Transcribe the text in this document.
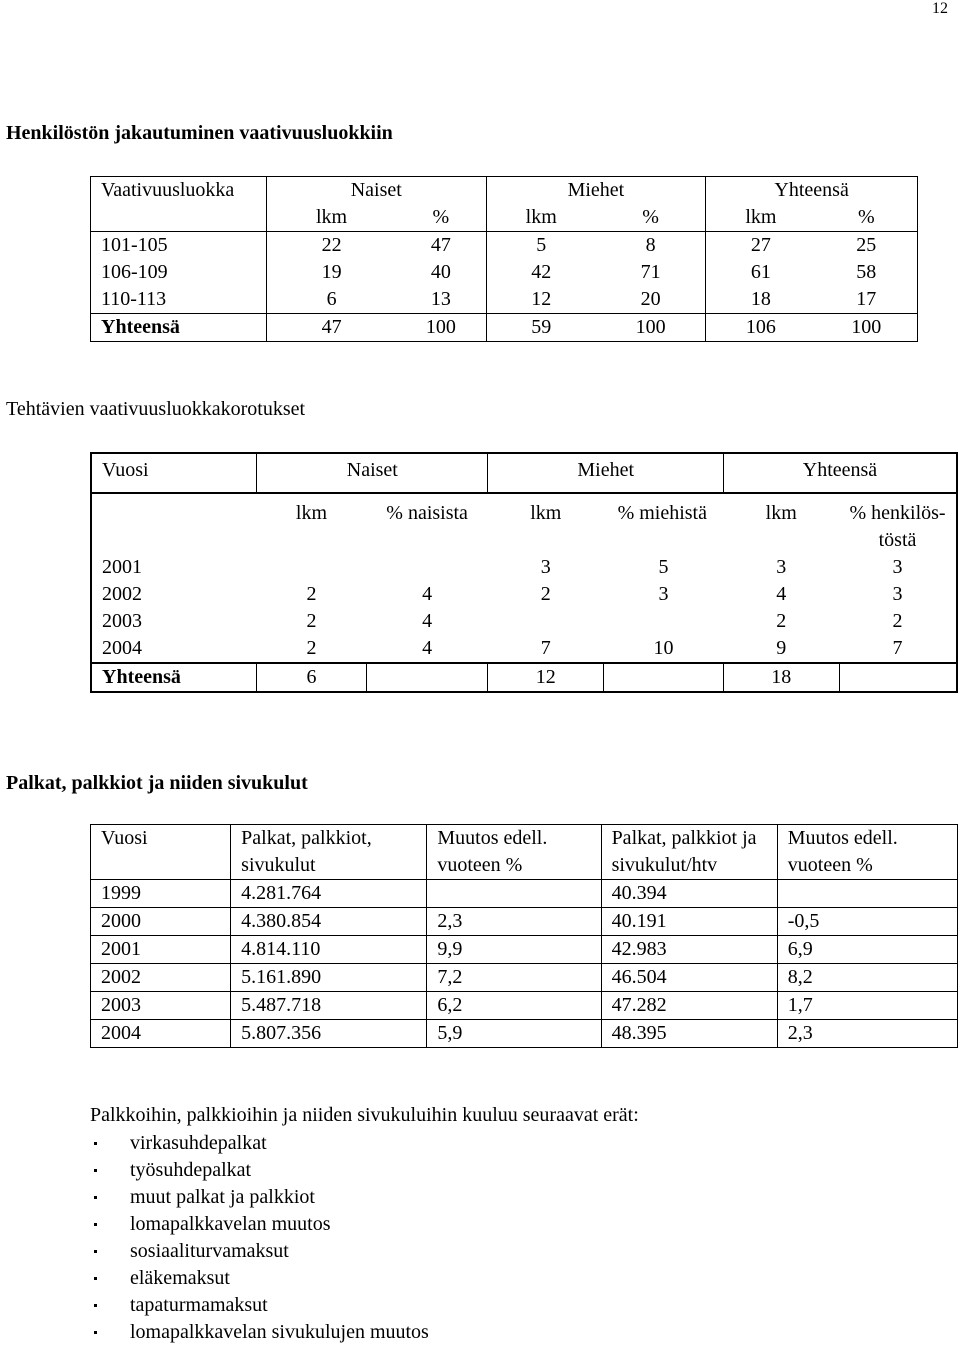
12
Henkilöstön jakautuminen vaativuusluokkiin
Vaativuusluokka	Naiset		Miehet		Yhteensä	
	lkm	%	lkm	%	lkm	%
101-105	22	47	5	8	27	25
106-109	19	40	42	71	61	58
110-113	6	13	12	20	18	17
Yhteensä	47	100	59	100	106	100
Tehtävien vaativuusluokkakorotukset
Vuosi	Naiset		Miehet		Yhteensä	
	lkm	% naisista	lkm	% miehistä	lkm	% henkilös-töstä
2001			3	5	3	3
2002	2	4	2	3	4	3
2003	2	4			2	2
2004	2	4	7	10	9	7
Yhteensä	6		12		18	
Palkat, palkkiot ja niiden sivukulut
Vuosi	Palkat, palkkiot, sivukulut	Muutos edell. vuoteen %	Palkat, palkkiot ja sivukulut/htv	Muutos edell. vuoteen %
1999	4.281.764		40.394	
2000	4.380.854	2,3	40.191	-0,5
2001	4.814.110	9,9	42.983	6,9
2002	5.161.890	7,2	46.504	8,2
2003	5.487.718	6,2	47.282	1,7
2004	5.807.356	5,9	48.395	2,3
Palkkoihin, palkkioihin ja niiden sivukuluihin kuuluu seuraavat erät:
virkasuhdepalkat
työsuhdepalkat
muut palkat ja palkkiot
lomapalkkavelan muutos
sosiaaliturvamaksut
eläkemaksut
tapaturmamaksut
lomapalkkavelan sivukulujen muutos
